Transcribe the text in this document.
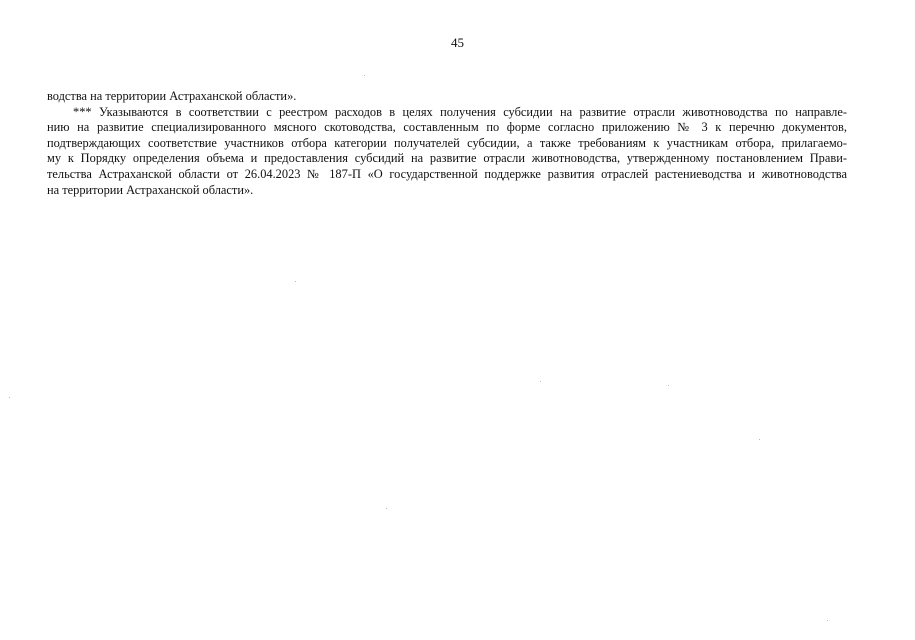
45
водства на территории Астраханской области».
*** Указываются в соответствии с реестром расходов в целях получения субсидии на развитие отрасли животноводства по направле-
нию на развитие специализированного мясного скотоводства, составленным по форме согласно приложению № 3 к перечню документов,
подтверждающих соответствие участников отбора категории получателей субсидии, а также требованиям к участникам отбора, прилагаемо-
му к Порядку определения объема и предоставления субсидий на развитие отрасли животноводства, утвержденному постановлением Прави-
тельства Астраханской области от 26.04.2023 № 187-П «О государственной поддержке развития отраслей растениеводства и животноводства
на территории Астраханской области».
